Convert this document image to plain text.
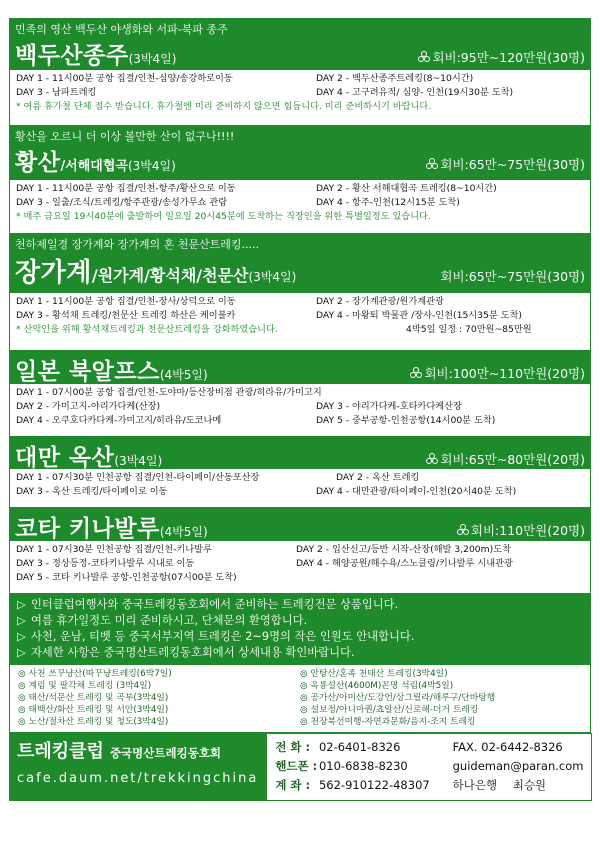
민족의 영산 백두산 야생화와 서파-북파 종주
백두산종주(3박4일)	회비:95만~120만원(30명)
DAY 1 - 11시00분 공항 집결/인천-심양/송강하로이동	DAY 2 - 백두산종주트레킹(8~10시간)
DAY 3 - 남파트레킹	DAY 4 - 고구려유적/ 심양- 인천(19시30분 도착)
* 여름 휴가철 단체 접수 받습니다. 휴가철엔 미리 준비하지 않으면 힘듭니다. 미리 준비하시기 바랍니다.
황산을 오르니 더 이상 볼만한 산이 없구나!!!!
황산/서해대협곡(3박4일)	회비:65만~75만원(30명)
DAY 1 - 11시00분 공항 집결/인천-항주/황산으로 이동	DAY 2 - 황산 서해대협곡 트레킹(8~10시간)
DAY 3 - 일출/조식/트레킹/항주관광/송성가무쇼 관람	DAY 4 - 항주-인천(12시15분 도착)
* 매주 금요일 19시40분에 출발하여 일요일 20시45분에 도착하는 직장인을 위한 특별일정도 있습니다.
천하제일경 장가계와 장가계의 혼 천문산트레킹.....
장가계/원가계/황석채/천문산(3박4일)	회비:65만~75만원(30명)
DAY 1 - 11시00분 공항 집결/인천-장사/상덕으로 이동	DAY 2 - 장가계관광/원가계관광
DAY 3 - 황석채 트레킹/천문산 트레킹 하산은 케이블카	DAY 4 - 마왕퇴 박물관 /장사-인천(15시35분 도착)
* 산악인을 위해 황석채트레킹과 천문산트레킹을 강화하였습니다.	4박5일 일정 : 70만원~85만원
일본 북알프스(4박5일)	회비:100만~110만원(20명)
DAY 1 - 07시00분 공항 집결/인천-도야마/등산장비점 관광/히라유/가미고지
DAY 2 - 가미고지-야리가다케(산장)	DAY 3 - 야리가다케-호타카다케산장
DAY 4 - 오쿠호다카다케-가미고지/히라유/도코나메	DAY 5 - 중부공항-인천공항(14시00분 도착)
대만 옥산(3박4일)	회비:65만~80만원(20명)
DAY 1 - 07시30분 인천공항 집결/인천-타이페이/산동포산장	DAY 2 - 옥산 트레킹
DAY 3 - 옥산 트레킹/타이페이로 이동	DAY 4 - 대만관광/타이페이-인천(20시40분 도착)
코타 키나발루(4박5일)	회비:110만원(20명)
DAY 1 - 07시30분 인천공항 집결/인천-키나발루	DAY 2 - 입산신고/등반 시작-산장(해발 3,200m)도착
DAY 3 - 정상등정-코타키나발루 시내로 이동	DAY 4 - 해양공원/해수욕/스노클링/키나발루 시내관광
DAY 5 - 코타 키나발루 공항-인천공항(07시00분 도착)
▷ 인터클럽여행사와 중국트레킹동호회에서 준비하는 트레킹전문 상품입니다.
▷ 여름 휴가일정도 미리 준비하시고, 단체문의 환영합니다.
▷ 사천, 운남, 티벳 등 중국서부지역 트레킹은 2~9명의 작은 인원도 안내합니다.
▷ 자세한 사항은 중국명산트레킹동호회에서 상세내용 확인바랍니다.
◎ 사천 쓰꾸냥산(따꾸냥트레킹(6박7일)
◎ 계림 및 팔각채 트레킹 (3박4일)
◎ 태산/석문산 트레킹 및 곡부(3박4일)
◎ 태백산/화산 트레킹 및 서안(3박4일)
◎ 노산/절차산 트레킹 및 청도(3박4일)
◎ 안탕산/혼족 천태산 트레킹(3박4일)
◎ 옥룡설산(4600M)꼰명 석림(4박5일)
◎ 공가산/아미산/도강언/상그릴라/해루구/단바탕행
◎ 설보정/아니마퀀/쵸알산/신로해-더거 트레킹
◎ 천장북선여행-자연과문화/음지-조지 트레킹
트레킹클럽 중국명산트레킹동호회
cafe.daum.net/trekkingchina
전 화 : 02-6401-8326	FAX. 02-6442-8326
핸드폰 : 010-6838-8230	guideman@paran.com
계 좌 : 562-910122-48307 하나은행 최승원
